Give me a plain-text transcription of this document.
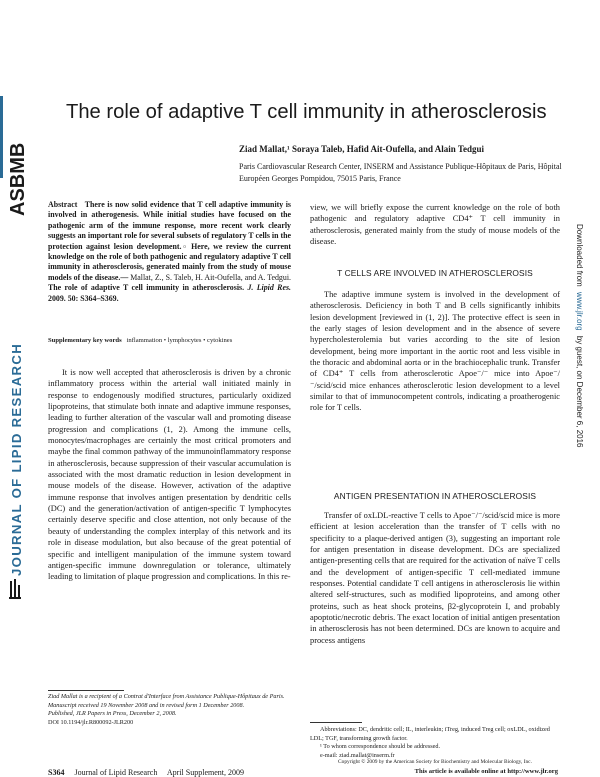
ASBMB
JOURNAL OF LIPID RESEARCH
Downloaded from www.jlr.org by guest, on December 6, 2016
The role of adaptive T cell immunity in atherosclerosis
Ziad Mallat,¹ Soraya Taleb, Hafid Ait-Oufella, and Alain Tedgui
Paris Cardiovascular Research Center, INSERM and Assistance Publique-Hôpitaux de Paris, Hôpital Européen Georges Pompidou, 75015 Paris, France
Abstract There is now solid evidence that T cell adaptive immunity is involved in atherogenesis. While initial studies have focused on the pathogenic arm of the immune response, more recent work clearly suggests an important role for several subsets of regulatory T cells in the protection against lesion development.▫ Here, we review the current knowledge on the role of both pathogenic and regulatory adaptive T cell immunity in atherosclerosis, generated mainly from the study of mouse models of the disease.— Mallat, Z., S. Taleb, H. Ait-Oufella, and A. Tedgui. The role of adaptive T cell immunity in atherosclerosis. J. Lipid Res. 2009. 50: S364–S369.
Supplementary key words inflammation • lymphocytes • cytokines
It is now well accepted that atherosclerosis is driven by a chronic inflammatory process within the arterial wall initiated mainly in response to endogenously modified structures, particularly oxidized lipoproteins, that stimulate both innate and adaptive immune responses, leading to further alteration of the vascular wall and promoting disease progression and complications (1, 2). Among the immune cells, monocytes/macrophages are certainly the most critical promoters and maybe the final common pathway of the immunoinflammatory response in atherosclerosis, because suppression of their vascular accumulation is associated with the most dramatic reduction in lesion development in mouse models of the disease. However, activation of the adaptive immune response that involves antigen presentation by dendritic cells (DC) and the generation/activation of antigen-specific T lymphocytes certainly deserve specific and close attention, not only because of the beauty of understanding the complex interplay of this network and its role in disease modulation, but also because of the great potential of specific and intelligent manipulation of the immune system toward antigen-specific immune downregulation or tolerance, ultimately leading to limitation of plaque progression and complications. In this re-
view, we will briefly expose the current knowledge on the role of both pathogenic and regulatory adaptive CD4⁺ T cell immunity in atherosclerosis, generated mainly from the study of mouse models of the disease.
T CELLS ARE INVOLVED IN ATHEROSCLEROSIS
The adaptive immune system is involved in the development of atherosclerosis. Deficiency in both T and B cells significantly inhibits lesion development [reviewed in (1, 2)]. The protective effect is seen in the early stages of lesion development and in the absence of severe hypercholesterolemia but varies according to the site of lesion development, being more important in the aortic root and less visible in the thoracic and abdominal aorta or in the brachiocephalic trunk. Transfer of CD4⁺ T cells from atherosclerotic Apoe⁻/⁻ mice into Apoe⁻/⁻/scid/scid mice enhances atherosclerotic lesion development to a level similar to that of immunocompetent controls, indicating a proatherogenic role for T cells.
ANTIGEN PRESENTATION IN ATHEROSCLEROSIS
Transfer of oxLDL-reactive T cells to Apoe⁻/⁻/scid/scid mice is more efficient at lesion acceleration than the transfer of T cells with no specificity to a plaque-derived antigen (3), suggesting an important role for antigen presentation in disease development. DCs are specialized antigen-presenting cells that are required for the activation of naïve T cells and the development of antigen-specific T cell-mediated immune responses. Potential candidate T cell antigens in atherosclerosis lie within altered self-structures, such as modified lipoproteins, and among other proteins, such as heat shock proteins, β2-glycoprotein I, and probably apoptotic/necrotic debris. The exact location of initial antigen presentation in atherosclerosis has not been determined. DCs are known to acquire and process antigens
Ziad Mallat is a recipient of a Contrat d'Interface from Assistance Publique-Hôpitaux de Paris.
Manuscript received 19 November 2008 and in revised form 1 December 2008.
Published, JLR Papers in Press, December 2, 2008.
DOI 10.1194/jlr.R800092-JLR200
Abbreviations: DC, dendritic cell; IL, interleukin; iTreg, induced Treg cell; oxLDL, oxidized LDL; TGF, transforming growth factor.
¹ To whom correspondence should be addressed.
e-mail: ziad.mallat@inserm.fr
Copyright © 2009 by the American Society for Biochemistry and Molecular Biology, Inc.
S364 Journal of Lipid Research April Supplement, 2009	This article is available online at http://www.jlr.org
